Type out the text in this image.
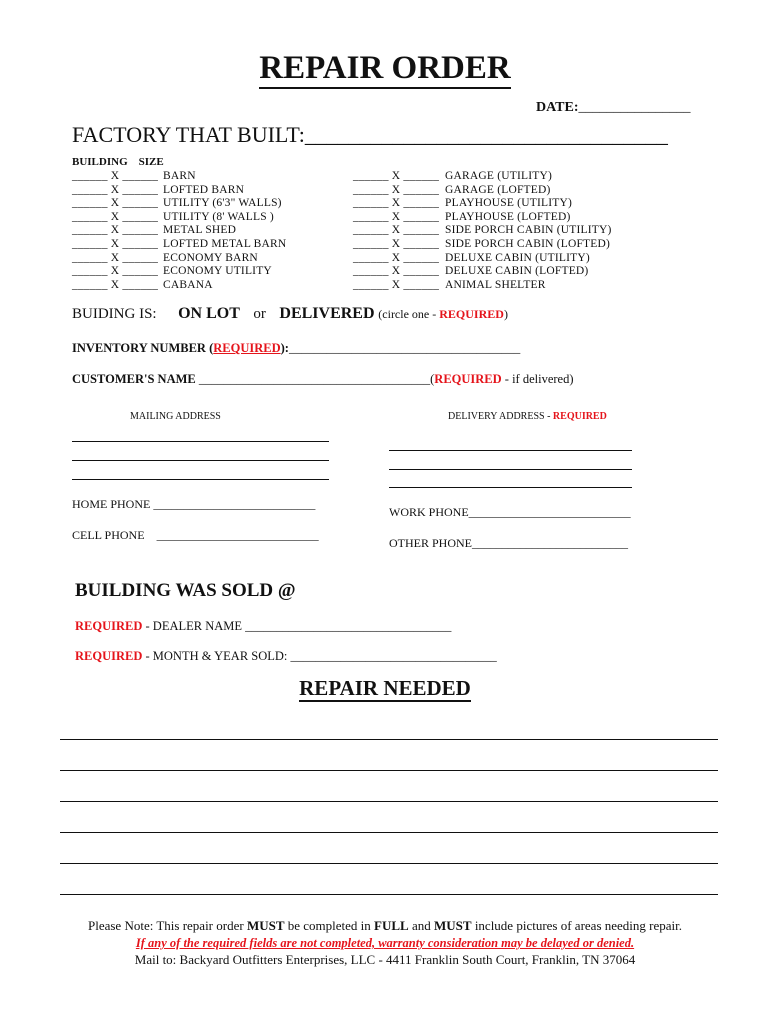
REPAIR ORDER
DATE:________________
FACTORY THAT BUILT:_________________________________
BUILDING    SIZE
______ X ______ BARN
______ X ______ LOFTED BARN
______ X ______ UTILITY (6'3" WALLS)
______ X ______ UTILITY (8' WALLS )
______ X ______ METAL SHED
______ X ______ LOFTED METAL BARN
______ X ______ ECONOMY BARN
______ X ______ ECONOMY UTILITY
______ X ______ CABANA
______ X ______ GARAGE (UTILITY)
______ X ______ GARAGE (LOFTED)
______ X ______ PLAYHOUSE (UTILITY)
______ X ______ PLAYHOUSE (LOFTED)
______ X ______ SIDE PORCH CABIN (UTILITY)
______ X ______ SIDE PORCH CABIN (LOFTED)
______ X ______ DELUXE CABIN (UTILITY)
______ X ______ DELUXE CABIN (LOFTED)
______ X ______ ANIMAL SHELTER
BUIDING IS: ON LOT or DELIVERED (circle one - REQUIRED)
INVENTORY NUMBER (REQUIRED):_____________________________________
CUSTOMER'S NAME _____________________________________(REQUIRED - if delivered)
MAILING ADDRESS	DELIVERY ADDRESS - REQUIRED
HOME PHONE ___________________________
CELL PHONE ___________________________
WORK PHONE___________________________
OTHER PHONE__________________________
BUILDING WAS SOLD @
REQUIRED - DEALER NAME _________________________________
REQUIRED - MONTH & YEAR SOLD: _________________________________
REPAIR NEEDED
Please Note: This repair order MUST be completed in FULL and MUST include pictures of areas needing repair.
If any of the required fields are not completed, warranty consideration may be delayed or denied.
Mail to: Backyard Outfitters Enterprises, LLC - 4411 Franklin South Court, Franklin, TN 37064
